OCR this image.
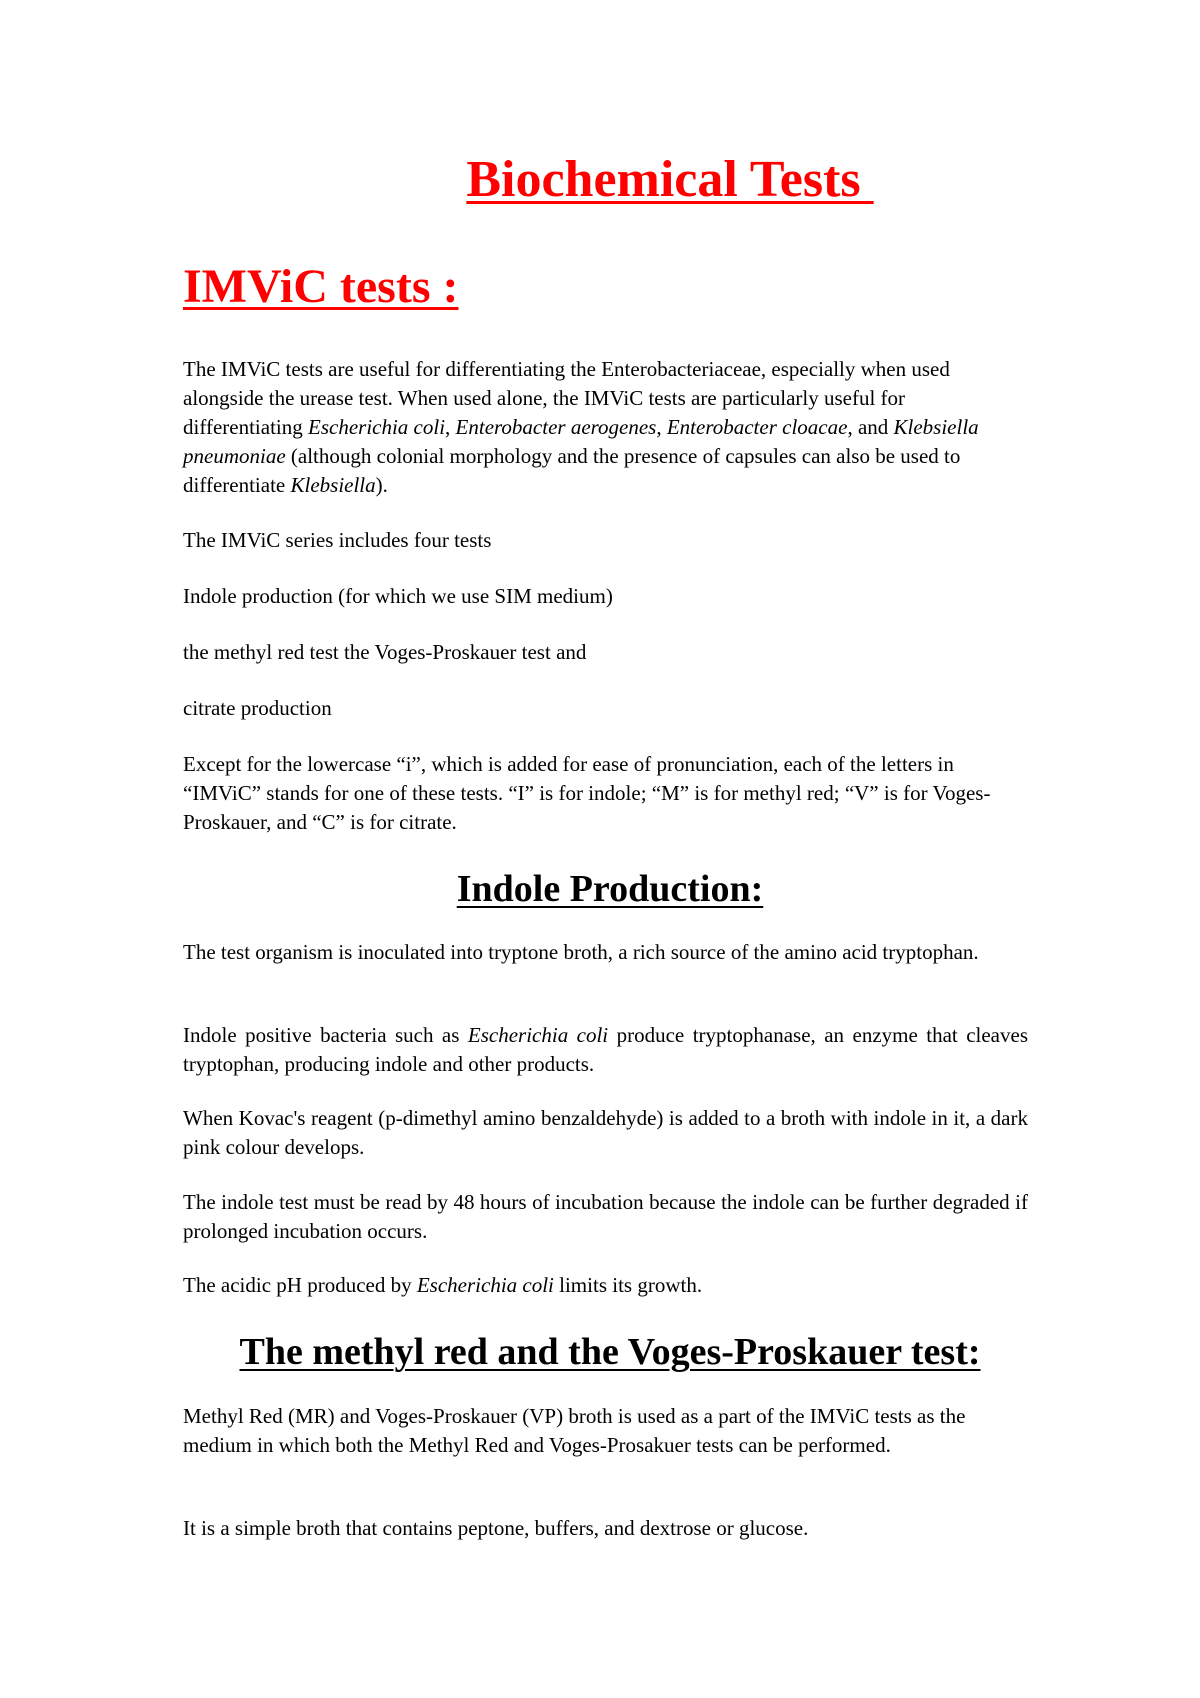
Biochemical Tests
IMViC tests :

The IMViC tests are useful for differentiating the Enterobacteriaceae, especially when used alongside the urease test. When used alone, the IMViC tests are particularly useful for differentiating Escherichia coli, Enterobacter aerogenes, Enterobacter cloacae, and Klebsiella pneumoniae (although colonial morphology and the presence of capsules can also be used to differentiate Klebsiella).

The IMViC series includes four tests

Indole production (for which we use SIM medium)

the methyl red test the Voges-Proskauer test and

citrate production

Except for the lowercase “i”, which is added for ease of pronunciation, each of the letters in “IMViC” stands for one of these tests. “I” is for indole; “M” is for methyl red; “V” is for Voges-Proskauer, and “C” is for citrate.

Indole Production:

The test organism is inoculated into tryptone broth, a rich source of the amino acid tryptophan.

Indole positive bacteria such as Escherichia coli produce tryptophanase, an enzyme that cleaves tryptophan, producing indole and other products.

When Kovac's reagent (p-dimethyl amino benzaldehyde) is added to a broth with indole in it, a dark pink colour develops.

The indole test must be read by 48 hours of incubation because the indole can be further degraded if prolonged incubation occurs.

The acidic pH produced by Escherichia coli limits its growth.

The methyl red and the Voges-Proskauer test:

Methyl Red (MR) and Voges-Proskauer (VP) broth is used as a part of the IMViC tests as the medium in which both the Methyl Red and Voges-Prosakuer tests can be performed.

It is a simple broth that contains peptone, buffers, and dextrose or glucose.
